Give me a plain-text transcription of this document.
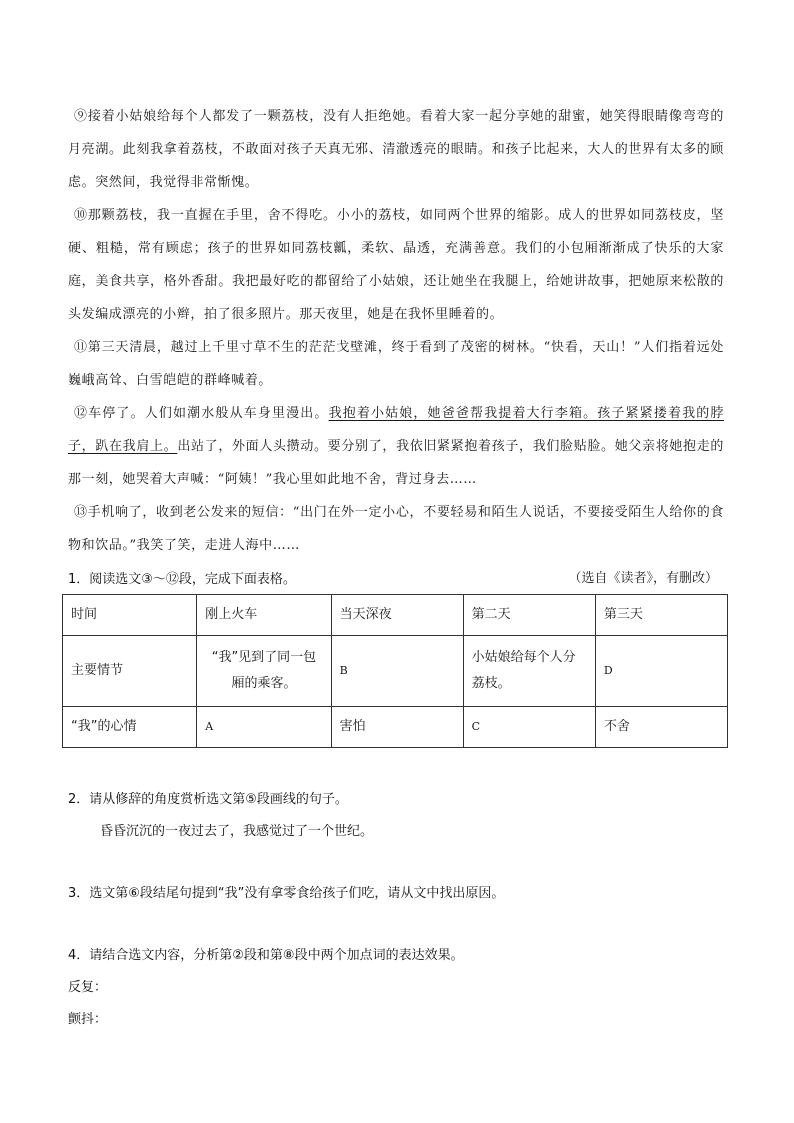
⑨接着小姑娘给每个人都发了一颗荔枝，没有人拒绝她。看着大家一起分享她的甜蜜，她笑得眼睛像弯弯的月亮湖。此刻我拿着荔枝，不敢面对孩子天真无邪、清澈透亮的眼睛。和孩子比起来，大人的世界有太多的顾虑。突然间，我觉得非常惭愧。

⑩那颗荔枝，我一直握在手里，舍不得吃。小小的荔枝，如同两个世界的缩影。成人的世界如同荔枝皮，坚硬、粗糙，常有顾虑；孩子的世界如同荔枝瓤，柔软、晶透，充满善意。我们的小包厢渐渐成了快乐的大家庭，美食共享，格外香甜。我把最好吃的都留给了小姑娘，还让她坐在我腿上，给她讲故事，把她原来松散的头发编成漂亮的小辫，拍了很多照片。那天夜里，她是在我怀里睡着的。

⑪第三天清晨，越过上千里寸草不生的茫茫戈壁滩，终于看到了茂密的树林。“快看，天山！”人们指着远处巍峨高耸、白雪皑皑的群峰喊着。

⑫车停了。人们如潮水般从车身里漫出。我抱着小姑娘，她爸爸帮我提着大行李箱。孩子紧紧搂着我的脖子，趴在我肩上。出站了，外面人头攒动。要分别了，我依旧紧紧抱着孩子，我们脸贴脸。她父亲将她抱走的那一刻，她哭着大声喊：“阿姨！”我心里如此地不舍，背过身去……

⑬手机响了，收到老公发来的短信：“出门在外一定小心，不要轻易和陌生人说话，不要接受陌生人给你的食物和饮品。”我笑了笑，走进人海中……

（选自《读者》，有删改）

1．阅读选文③～⑫段，完成下面表格。

时间	刚上火车	当天深夜	第二天	第三天
主要情节	“我”见到了同一包厢的乘客。	B	小姑娘给每个人分荔枝。	D
“我”的心情	A	害怕	C	不舍

2．请从修辞的角度赏析选文第⑤段画线的句子。

昏昏沉沉的一夜过去了，我感觉过了一个世纪。

3．选文第⑥段结尾句提到“我”没有拿零食给孩子们吃，请从文中找出原因。

4．请结合选文内容，分析第②段和第⑧段中两个加点词的表达效果。

反复：

颤抖：
